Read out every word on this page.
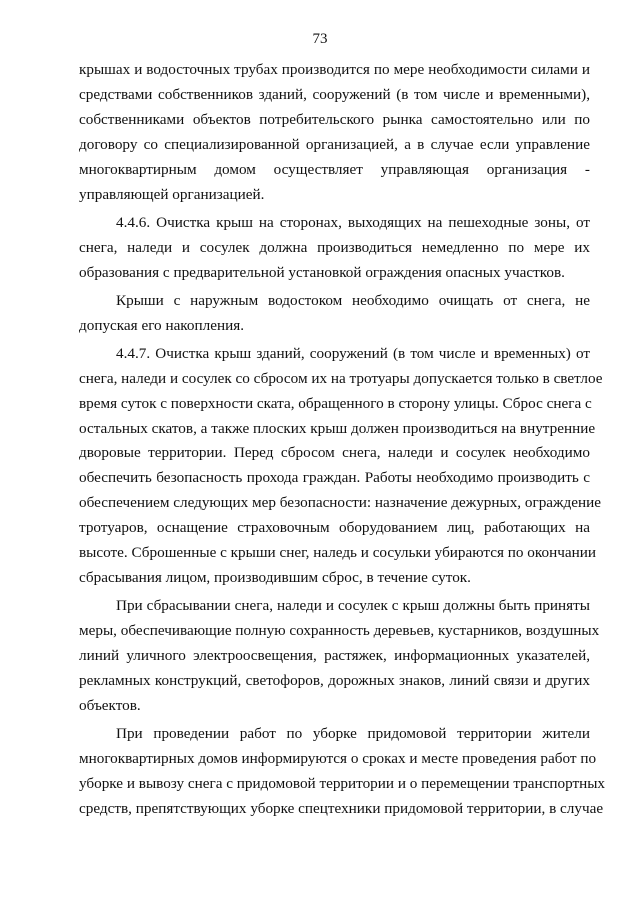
73

крышах и водосточных трубах производится по мере необходимости силами и
средствами собственников зданий, сооружений (в том числе и временными),
собственниками объектов потребительского рынка самостоятельно или по
договору со специализированной организацией, а в случае если управление
многоквартирным домом осуществляет управляющая организация -
управляющей организацией.

4.4.6. Очистка крыш на сторонах, выходящих на пешеходные зоны, от
снега, наледи и сосулек должна производиться немедленно по мере их
образования с предварительной установкой ограждения опасных участков.

Крыши с наружным водостоком необходимо очищать от снега, не
допуская его накопления.

4.4.7. Очистка крыш зданий, сооружений (в том числе и временных) от
снега, наледи и сосулек со сбросом их на тротуары допускается только в светлое
время суток с поверхности ската, обращенного в сторону улицы. Сброс снега с
остальных скатов, а также плоских крыш должен производиться на внутренние
дворовые территории. Перед сбросом снега, наледи и сосулек необходимо
обеспечить безопасность прохода граждан. Работы необходимо производить с
обеспечением следующих мер безопасности: назначение дежурных, ограждение
тротуаров, оснащение страховочным оборудованием лиц, работающих на
высоте. Сброшенные с крыши снег, наледь и сосульки убираются по окончании
сбрасывания лицом, производившим сброс, в течение суток.

При сбрасывании снега, наледи и сосулек с крыш должны быть приняты
меры, обеспечивающие полную сохранность деревьев, кустарников, воздушных
линий уличного электроосвещения, растяжек, информационных указателей,
рекламных конструкций, светофоров, дорожных знаков, линий связи и других
объектов.

При проведении работ по уборке придомовой территории жители
многоквартирных домов информируются о сроках и месте проведения работ по
уборке и вывозу снега с придомовой территории и о перемещении транспортных
средств, препятствующих уборке спецтехники придомовой территории, в случае
